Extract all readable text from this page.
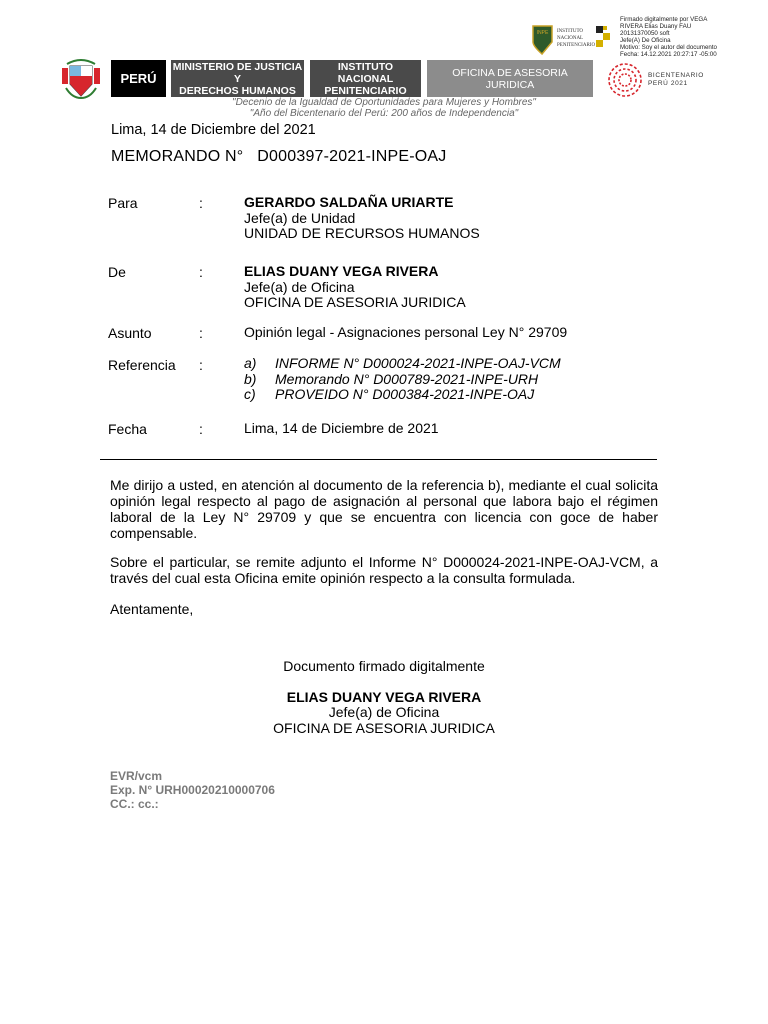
INPE INSTITUTO
NACIONAL
PENITENCIARIO
Firmado digitalmente por VEGA
RIVERA Elias Duany FAU
20131370050 soft
Jefe(A) De Oficina
Motivo: Soy el autor del documento
Fecha: 14.12.2021 20:27:17 -05:00
PERÚ
MINISTERIO DE JUSTICIA Y
DERECHOS HUMANOS
INSTITUTO NACIONAL
PENITENCIARIO
OFICINA DE ASESORIA JURIDICA
BICENTENARIO
PERÚ 2021
"Decenio de la Igualdad de Oportunidades para Mujeres y Hombres"
"Año del Bicentenario del Perú: 200 años de Independencia"
Lima, 14 de Diciembre del 2021
MEMORANDO N° D000397-2021-INPE-OAJ
Para	:	GERARDO SALDAÑA URIARTE
Jefe(a) de Unidad
UNIDAD DE RECURSOS HUMANOS
De	:	ELIAS DUANY VEGA RIVERA
Jefe(a) de Oficina
OFICINA DE ASESORIA JURIDICA
Asunto	:	Opinión legal - Asignaciones personal Ley N° 29709
Referencia :	a)	INFORME N° D000024-2021-INPE-OAJ-VCM
b)	Memorando N° D000789-2021-INPE-URH
c)	PROVEIDO N° D000384-2021-INPE-OAJ
Fecha	:	Lima, 14 de Diciembre de 2021
Me dirijo a usted, en atención al documento de la referencia b), mediante el cual solicita opinión legal respecto al pago de asignación al personal que labora bajo el régimen laboral de la Ley N° 29709 y que se encuentra con licencia con goce de haber compensable.
Sobre el particular, se remite adjunto el Informe N° D000024-2021-INPE-OAJ-VCM, a través del cual esta Oficina emite opinión respecto a la consulta formulada.
Atentamente,
Documento firmado digitalmente
ELIAS DUANY VEGA RIVERA
Jefe(a) de Oficina
OFICINA DE ASESORIA JURIDICA
EVR/vcm
Exp. N° URH00020210000706
CC.: cc.:
